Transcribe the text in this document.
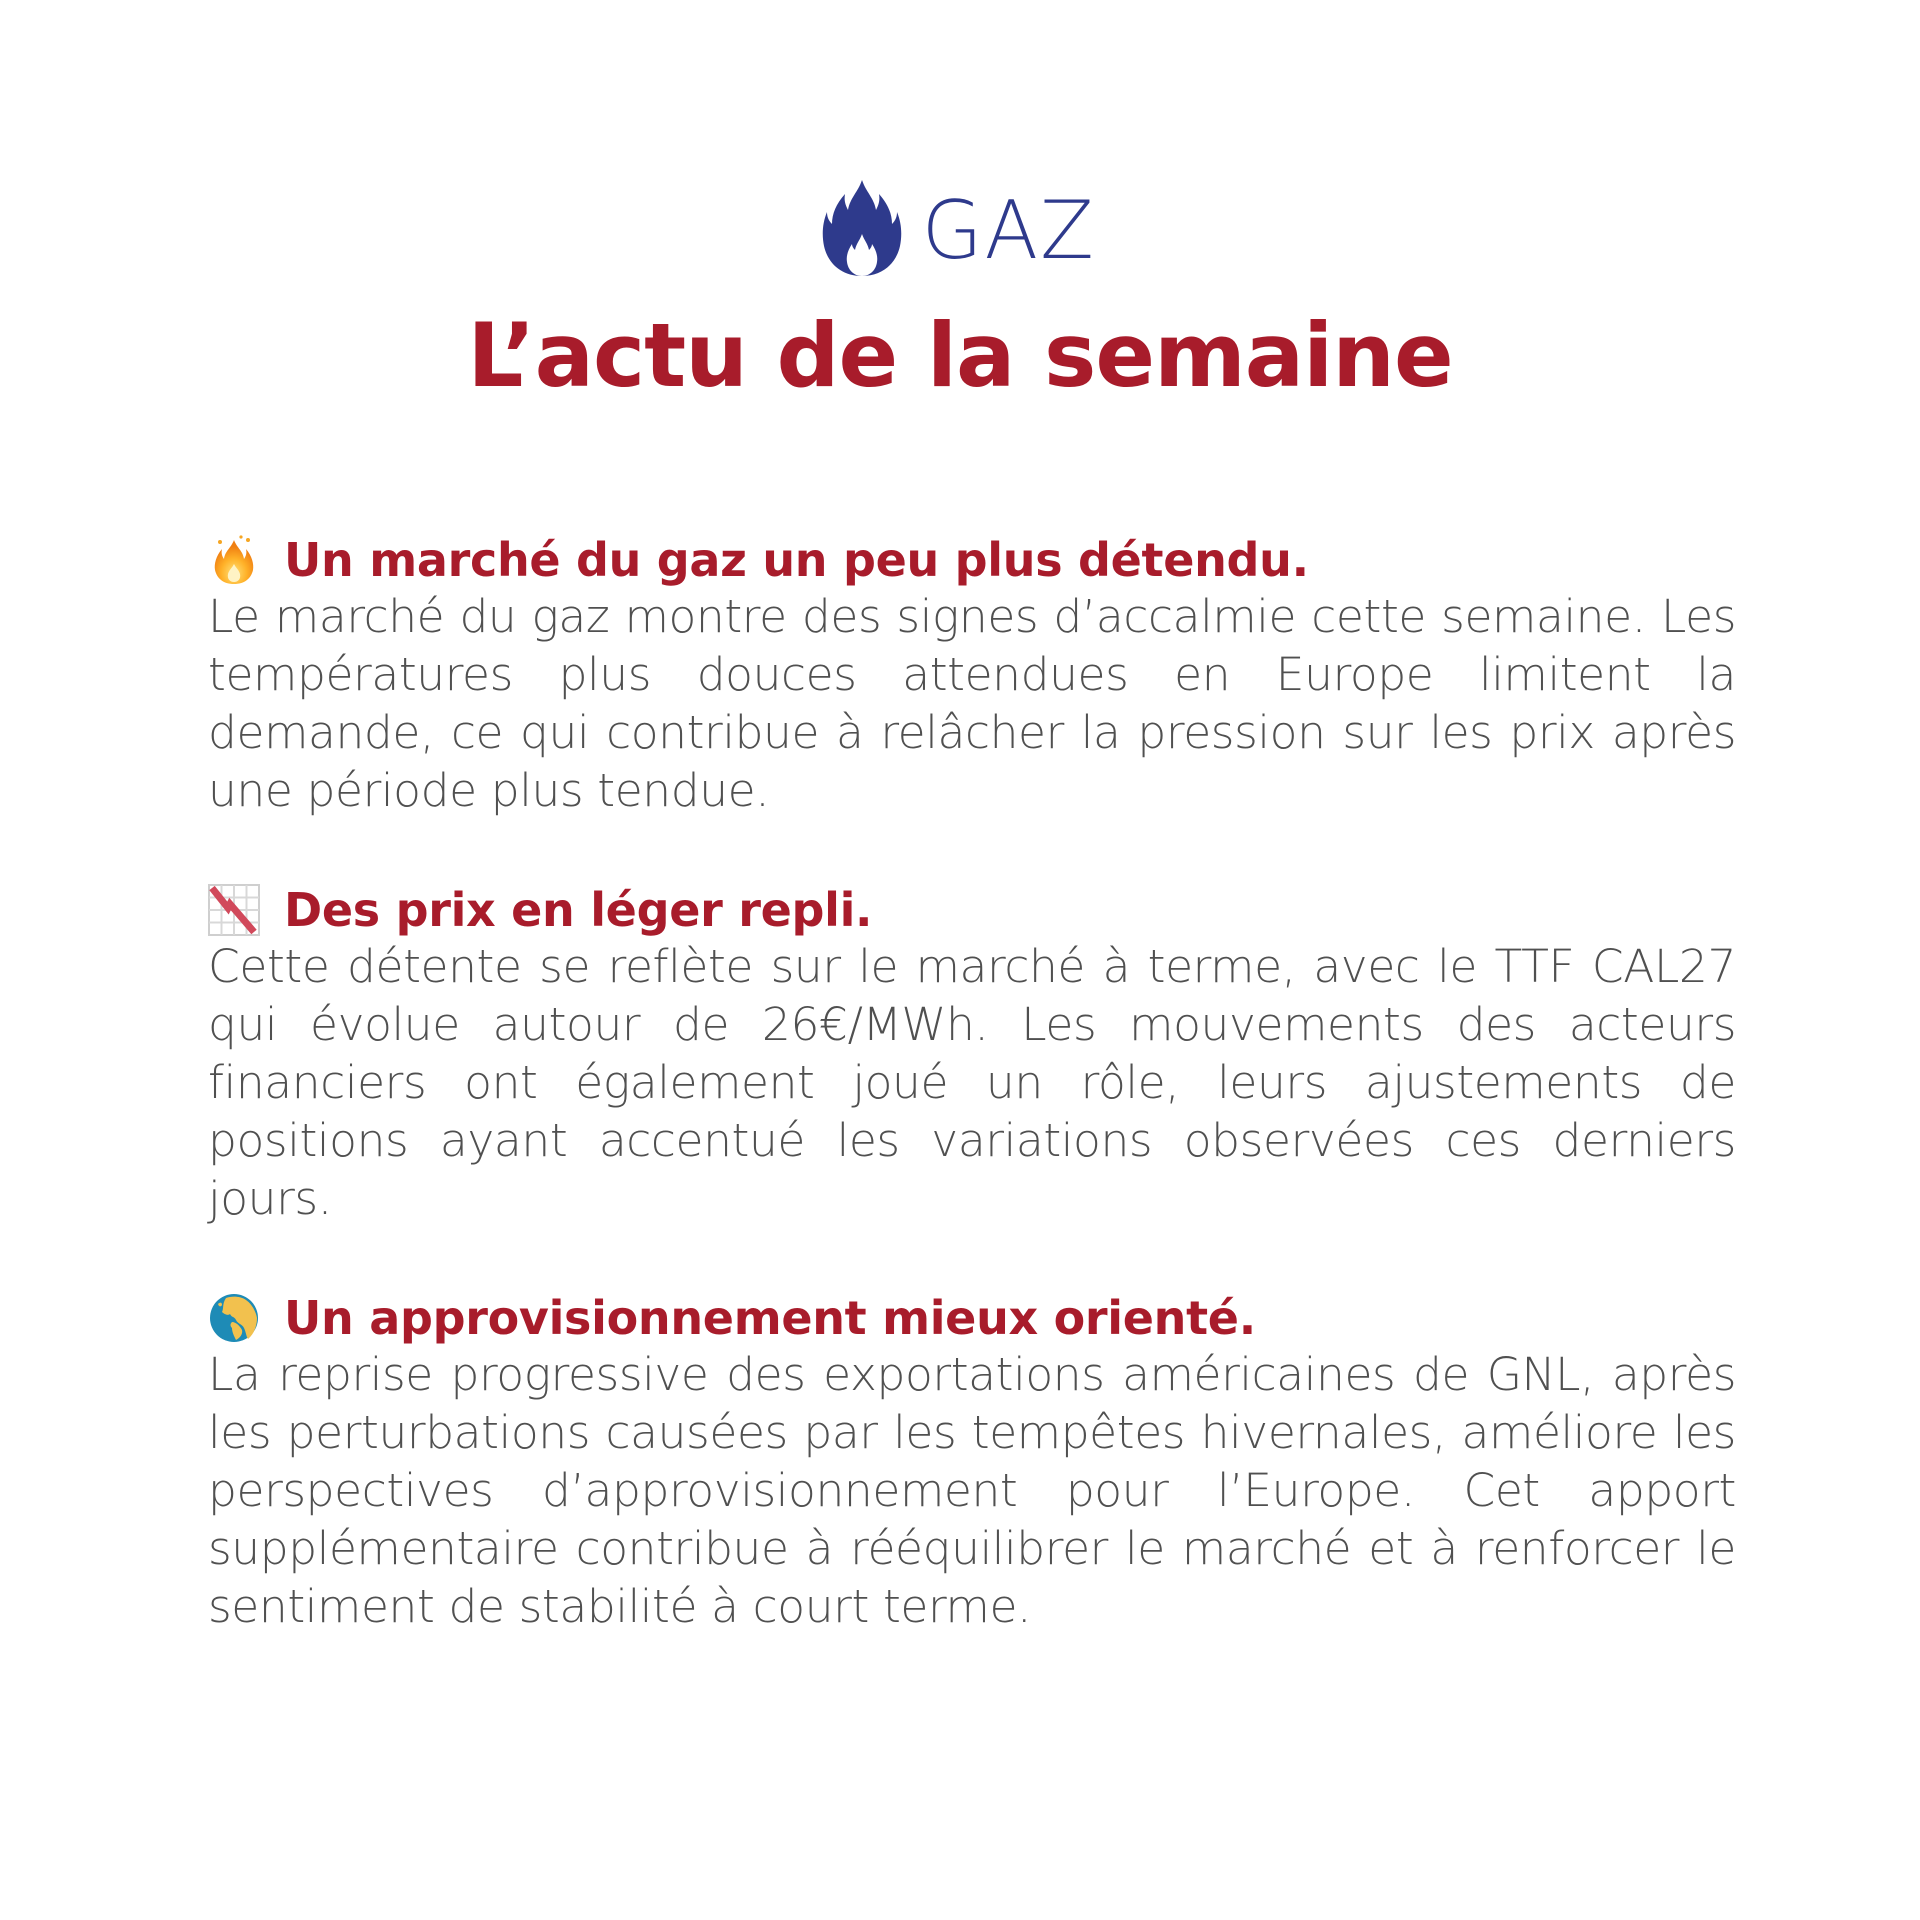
GAZ
L’actu de la semaine
Un marché du gaz un peu plus détendu.

Le marché du gaz montre des signes d’accalmie cette semaine. Les températures plus douces attendues en Europe limitent la demande, ce qui contribue à relâcher la pression sur les prix après une période plus tendue.

Des prix en léger repli.

Cette détente se reflète sur le marché à terme, avec le TTF CAL27 qui évolue autour de 26€/MWh. Les mouvements des acteurs financiers ont également joué un rôle, leurs ajustements de positions ayant accentué les variations observées ces derniers jours.

Un approvisionnement mieux orienté.

La reprise progressive des exportations américaines de GNL, après les perturbations causées par les tempêtes hivernales, améliore les perspectives d’approvisionnement pour l’Europe. Cet apport supplémentaire contribue à rééquilibrer le marché et à renforcer le sentiment de stabilité à court terme.
